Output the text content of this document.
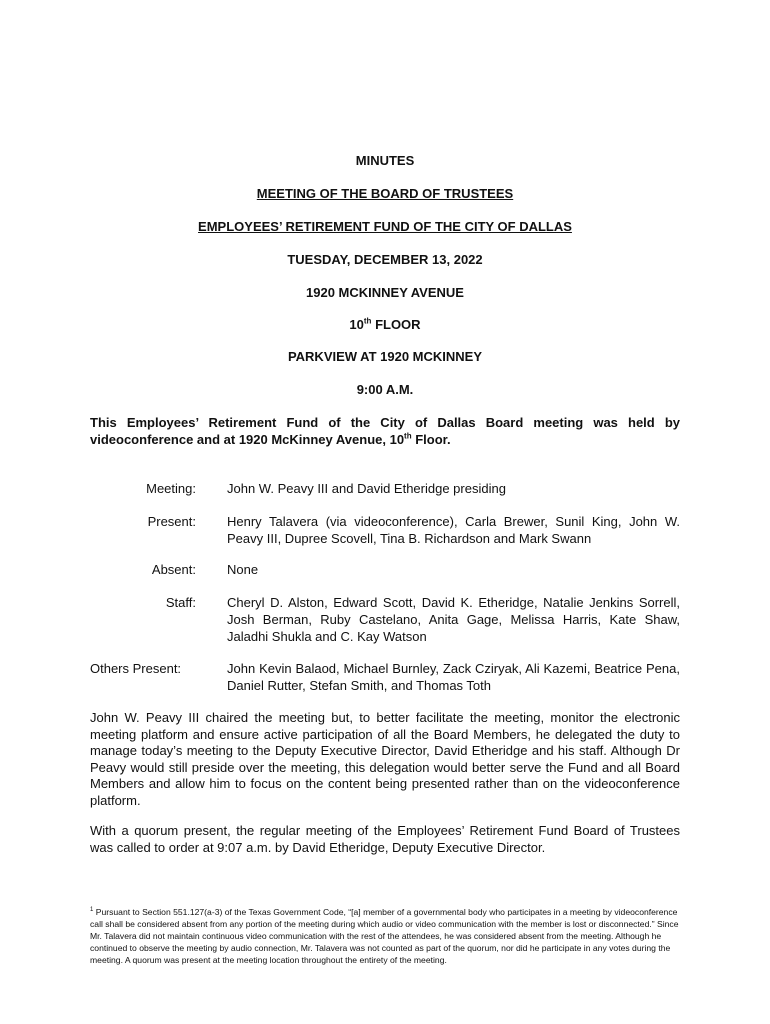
MINUTES
MEETING OF THE BOARD OF TRUSTEES
EMPLOYEES’ RETIREMENT FUND OF THE CITY OF DALLAS
TUESDAY, DECEMBER 13, 2022
1920 MCKINNEY AVENUE
10th FLOOR
PARKVIEW AT 1920 MCKINNEY
9:00 A.M.
This Employees’ Retirement Fund of the City of Dallas Board meeting was held by videoconference and at 1920 McKinney Avenue, 10th Floor.
Meeting: John W. Peavy III and David Etheridge presiding
Present: Henry Talavera (via videoconference), Carla Brewer, Sunil King, John W. Peavy III, Dupree Scovell, Tina B. Richardson and Mark Swann
Absent: None
Staff: Cheryl D. Alston, Edward Scott, David K. Etheridge, Natalie Jenkins Sorrell, Josh Berman, Ruby Castelano, Anita Gage, Melissa Harris, Kate Shaw, Jaladhi Shukla and C. Kay Watson
Others Present:	John Kevin Balaod, Michael Burnley, Zack Cziryak, Ali Kazemi, Beatrice Pena, Daniel Rutter, Stefan Smith, and Thomas Toth
John W. Peavy III chaired the meeting but, to better facilitate the meeting, monitor the electronic meeting platform and ensure active participation of all the Board Members, he delegated the duty to manage today’s meeting to the Deputy Executive Director, David Etheridge and his staff. Although Dr Peavy would still preside over the meeting, this delegation would better serve the Fund and all Board Members and allow him to focus on the content being presented rather than on the videoconference platform.
With a quorum present, the regular meeting of the Employees’ Retirement Fund Board of Trustees was called to order at 9:07 a.m. by David Etheridge, Deputy Executive Director.
$^1$ Pursuant to Section 551.127(a-3) of the Texas Government Code, “[a] member of a governmental body who participates in a meeting by videoconference call shall be considered absent from any portion of the meeting during which audio or video communication with the member is lost or disconnected.” Since Mr. Talavera did not maintain continuous video communication with the rest of the attendees, he was considered absent from the meeting. Although he continued to observe the meeting by audio connection, Mr. Talavera was not counted as part of the quorum, nor did he participate in any votes during the meeting. A quorum was present at the meeting location throughout the entirety of the meeting.
